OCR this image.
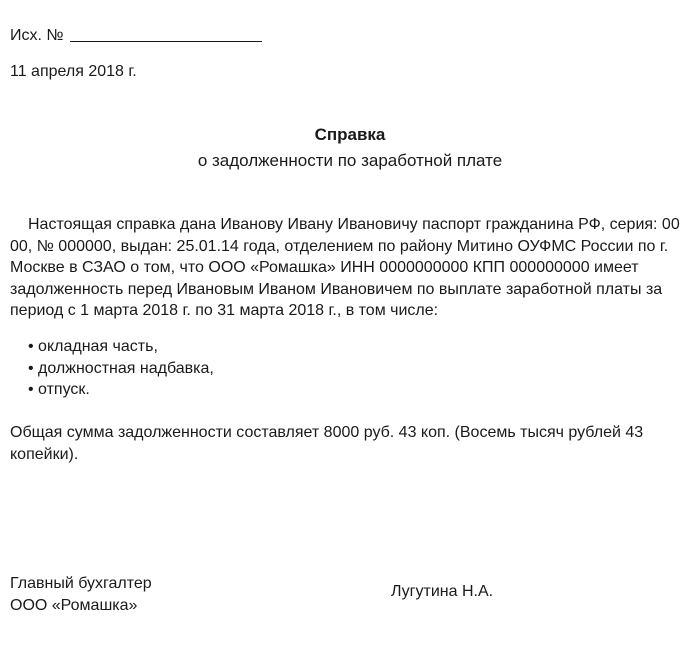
Исх. №
11 апреля 2018 г.
Справка
о задолженности по заработной плате
Настоящая справка дана Иванову Ивану Ивановичу паспорт гражданина РФ, серия: 00
00, № 000000, выдан: 25.01.14 года, отделением по району Митино ОУФМС России по г.
Москве в СЗАО о том, что ООО «Ромашка» ИНН 0000000000 КПП 000000000 имеет
задолженность перед Ивановым Иваном Ивановичем по выплате заработной платы за
период с 1 марта 2018 г. по 31 марта 2018 г., в том числе:
• окладная часть,
• должностная надбавка,
• отпуск.
Общая сумма задолженности составляет 8000 руб. 43 коп. (Восемь тысяч рублей 43
копейки).
Главный бухгалтер
ООО «Ромашка»
Лугутина Н.А.
